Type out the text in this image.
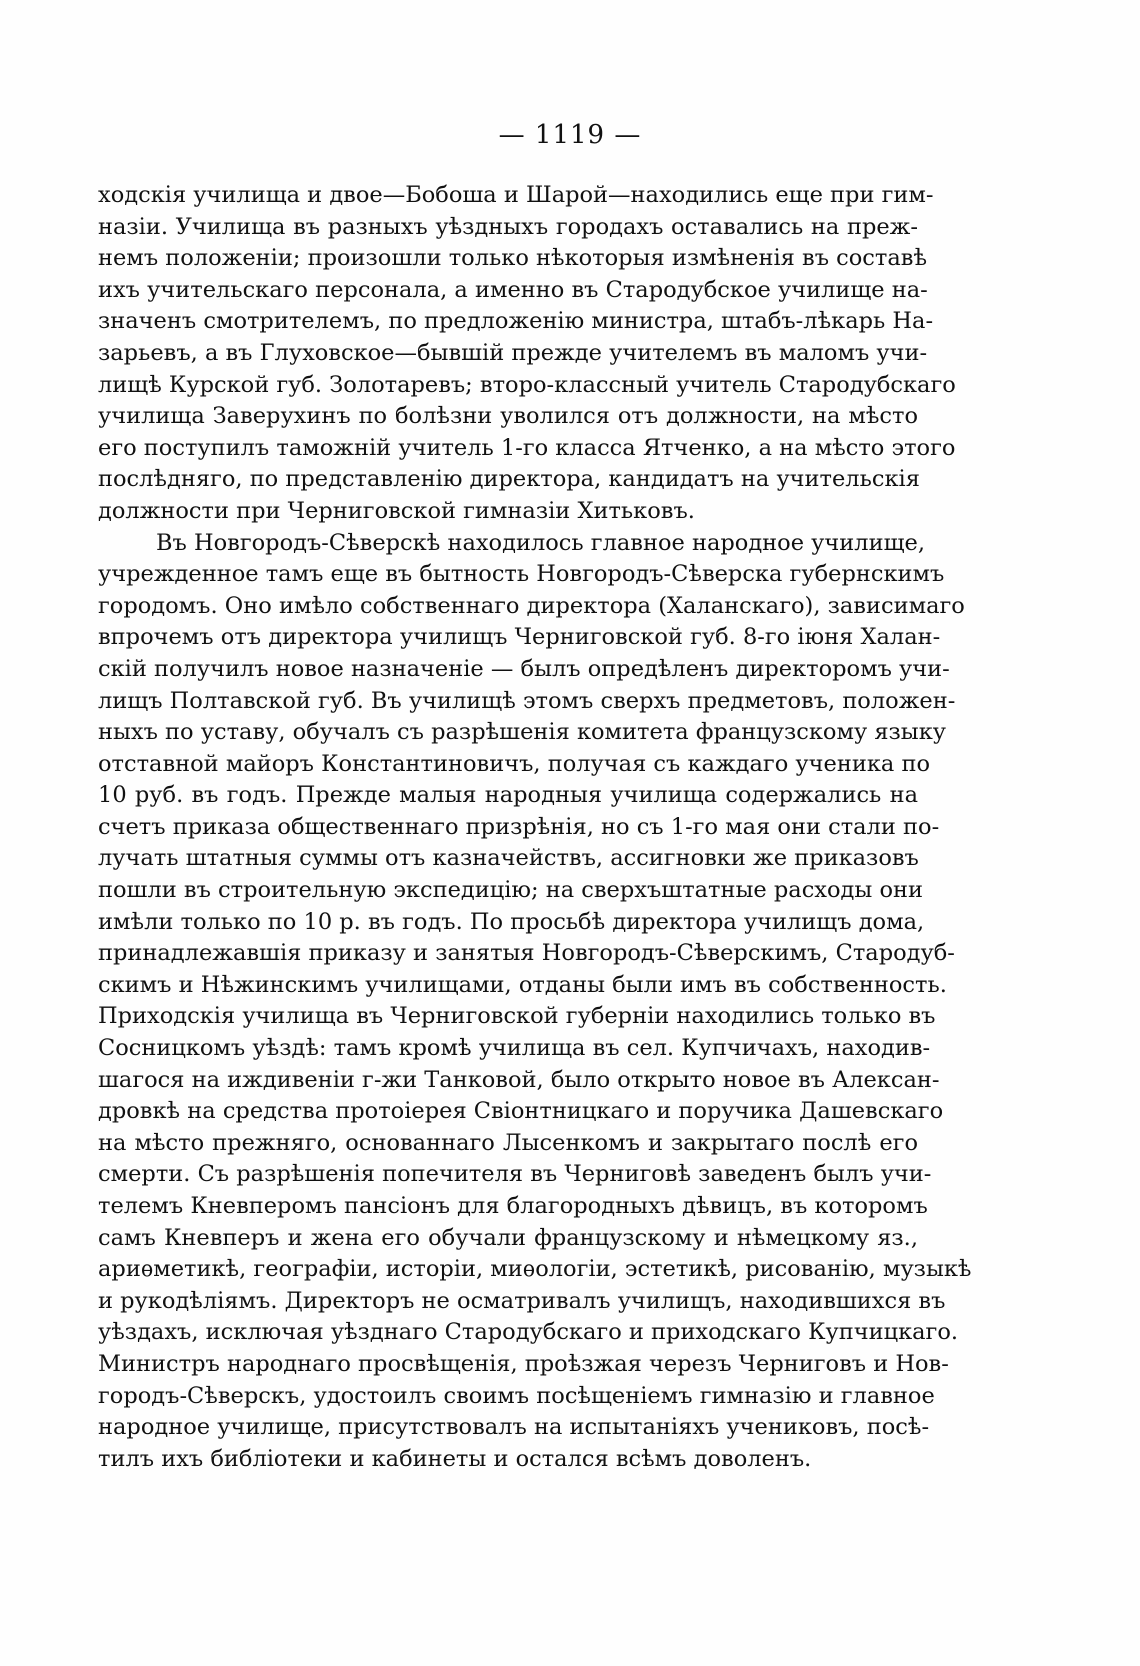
— 1119 —
ходскія училища и двое—Бобоша и Шарой—находились еще при гим-
назіи. Училища въ разныхъ уѣздныхъ городахъ оставались на преж-
немъ положеніи; произошли только нѣкоторыя измѣненія въ составѣ
ихъ учительскаго персонала, а именно въ Стародубское училище на-
значенъ смотрителемъ, по предложенію министра, штабъ-лѣкарь На-
зарьевъ, а въ Глуховское—бывшій прежде учителемъ въ маломъ учи-
лищѣ Курской губ. Золотаревъ; второ-классный учитель Стародубскаго
училища Заверухинъ по болѣзни уволился отъ должности, на мѣсто
его поступилъ таможній учитель 1-го класса Ятченко, а на мѣсто этого
послѣдняго, по представленію директора, кандидатъ на учительскія
должности при Черниговской гимназіи Хитьковъ.
Въ Новгородъ-Сѣверскѣ находилось главное народное училище,
учрежденное тамъ еще въ бытность Новгородъ-Сѣверска губернскимъ
городомъ. Оно имѣло собственнаго директора (Халанскаго), зависимаго
впрочемъ отъ директора училищъ Черниговской губ. 8-го іюня Халан-
скій получилъ новое назначеніе — былъ опредѣленъ директоромъ учи-
лищъ Полтавской губ. Въ училищѣ этомъ сверхъ предметовъ, положен-
ныхъ по уставу, обучалъ съ разрѣшенія комитета французскому языку
отставной майоръ Константиновичъ, получая съ каждаго ученика по
10 руб. въ годъ. Прежде малыя народныя училища содержались на
счетъ приказа общественнаго призрѣнія, но съ 1-го мая они стали по-
лучать штатныя суммы отъ казначействъ, ассигновки же приказовъ
пошли въ строительную экспедицію; на сверхъштатные расходы они
имѣли только по 10 р. въ годъ. По просьбѣ директора училищъ дома,
принадлежавшія приказу и занятыя Новгородъ-Сѣверскимъ, Стародуб-
скимъ и Нѣжинскимъ училищами, отданы были имъ въ собственность.
Приходскія училища въ Черниговской губерніи находились только въ
Сосницкомъ уѣздѣ: тамъ кромѣ училища въ сел. Купчичахъ, находив-
шагося на иждивеніи г-жи Танковой, было открыто новое въ Алексан-
дровкѣ на средства протоіерея Свіонтницкаго и поручика Дашевскаго
на мѣсто прежняго, основаннаго Лысенкомъ и закрытаго послѣ его
смерти. Съ разрѣшенія попечителя въ Черниговѣ заведенъ былъ учи-
телемъ Кневперомъ пансіонъ для благородныхъ дѣвицъ, въ которомъ
самъ Кневперъ и жена его обучали французскому и нѣмецкому яз.,
ариѳметикѣ, географіи, исторіи, миѳологіи, эстетикѣ, рисованію, музыкѣ
и рукодѣліямъ. Директоръ не осматривалъ училищъ, находившихся въ
уѣздахъ, исключая уѣзднаго Стародубскаго и приходскаго Купчицкаго.
Министръ народнаго просвѣщенія, проѣзжая черезъ Черниговъ и Нов-
городъ-Сѣверскъ, удостоилъ своимъ посѣщеніемъ гимназію и главное
народное училище, присутствовалъ на испытаніяхъ учениковъ, посѣ-
тилъ ихъ библіотеки и кабинеты и остался всѣмъ доволенъ.
